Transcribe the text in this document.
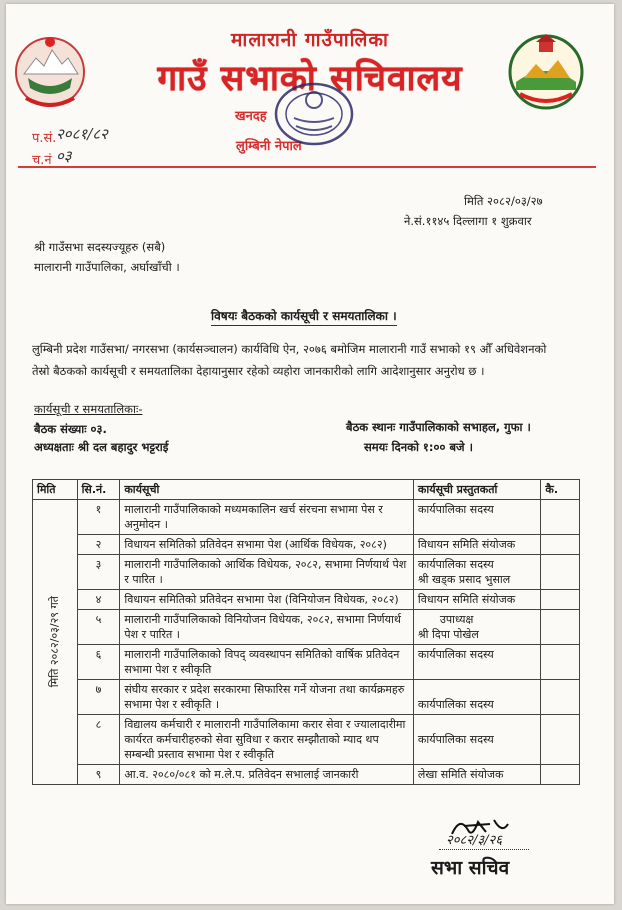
मालारानी गाउँपालिका
गाउँ सभाको सचिवालय
खनदह
लुम्बिनी नेपाल
प.सं. २०८१/८२
च.नं ०३
मिति २०८२/०३/२७
ने.सं.११४५ दिल्लागा १ शुक्रवार
श्री गाउँसभा सदस्यज्यूहरु (सबै)
मालारानी गाउँपालिका, अर्घाखाँची ।
विषयः बैठकको कार्यसूची र समयतालिका ।
लुम्बिनी प्रदेश गाउँसभा/ नगरसभा (कार्यसञ्चालन) कार्यविधि ऐन, २०७६ बमोजिम मालारानी गाउँ सभाको १९ औँ अधिवेशनको
तेस्रो बैठकको कार्यसूची र समयतालिका देहायानुसार रहेको व्यहोरा जानकारीको लागि आदेशानुसार अनुरोध छ ।
कार्यसूची र समयतालिकाः-
बैठक संख्याः ०३.
अध्यक्षताः श्री दल बहादुर भट्टराई
बैठक स्थानः गाउँपालिकाको सभाहल, गुफा ।
समयः दिनको १:०० बजे ।
मिति	सि.नं.	कार्यसूची	कार्यसूची प्रस्तुतकर्ता	कै.

मिति २०८२/०३/२९ गते	१	मालारानी गाउँपालिकाको मध्यमकालिन खर्च संरचना सभामा पेस र अनुमोदन ।	कार्यपालिका सदस्य	
	२	विधायन समितिको प्रतिवेदन सभामा पेश (आर्थिक विधेयक, २०८२)	विधायन समिति संयोजक	
	३	मालारानी गाउँपालिकाको आर्थिक विधेयक, २०८२, सभामा निर्णयार्थ पेश र पारित ।	कार्यपालिका सदस्य
श्री खड्क प्रसाद भुसाल	

	४	विधायन समितिको प्रतिवेदन सभामा पेश (विनियोजन विधेयक, २०८२)	विधायन समिति संयोजक	
	५	मालारानी गाउँपालिकाको विनियोजन विधेयक, २०८२, सभामा निर्णयार्थ पेश र पारित ।	उपाध्यक्ष
श्री दिपा पोखेल	

	६	मालारानी गाउँपालिकाको विपद् व्यवस्थापन समितिको वार्षिक प्रतिवेदन सभामा पेश र स्वीकृति	कार्यपालिका सदस्य	
	७	संघीय सरकार र प्रदेश सरकारमा सिफारिस गर्ने योजना तथा कार्यक्रमहरु सभामा पेश र स्वीकृति ।	कार्यपालिका सदस्य	
	८	विद्यालय कर्मचारी र मालारानी गाउँपालिकामा करार सेवा र ज्यालादारीमा कार्यरत कर्मचारीहरुको सेवा सुविधा र करार सम्झौताको म्याद थप सम्बन्धी प्रस्ताव सभामा पेश र स्वीकृति	कार्यपालिका सदस्य	
	९	आ.व. २०८०/०८१ को म.ले.प. प्रतिवेदन सभालाई जानकारी	लेखा समिति संयोजक	
२०८२/३/२६
सभा सचिव
